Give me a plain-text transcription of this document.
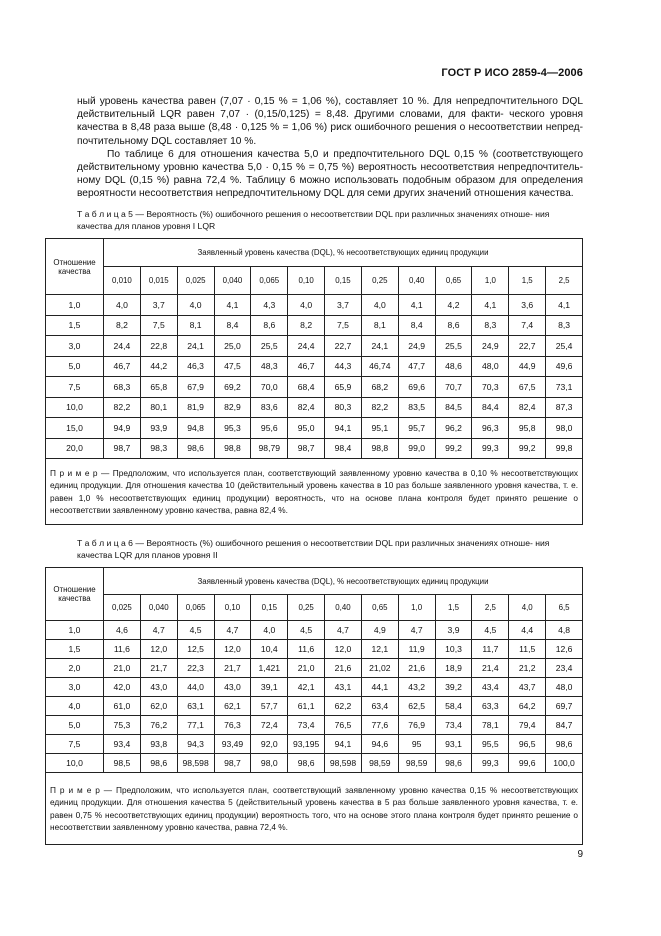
ГОСТ Р ИСО 2859-4—2006

ный уровень качества равен (7,07 · 0,15 % = 1,06 %), составляет 10 %. Для непредпочтительного DQL действительный LQR равен 7,07 · (0,15/0,125) = 8,48. Другими словами, для факти- ческого уровня качества в 8,48 раза выше (8,48 · 0,125 % = 1,06 %) риск ошибочного решения о несоответствии непред- почтительному DQL составляет 10 %.

По таблице 6 для отношения качества 5,0 и предпочтительного DQL 0,15 % (соответствующего действительному уровню качества 5,0 · 0,15 % = 0,75 %) вероятность несоответствия непредпочтитель- ному DQL (0,15 %) равна 72,4 %. Таблицу 6 можно использовать подобным образом для определения вероятности несоответствия непредпочтительному DQL для семи других значений отношения качества.

Т а б л и ц а 5 — Вероятность (%) ошибочного решения о несоответствии DQL при различных значениях отноше- ния качества для планов уровня I LQR
Отношение качества	Заявленный уровень качества (DQL), % несоответствующих единиц продукции												
	0,010	0,015	0,025	0,040	0,065	0,10	0,15	0,25	0,40	0,65	1,0	1,5	2,5
1,0	4,0	3,7	4,0	4,1	4,3	4,0	3,7	4,0	4,1	4,2	4,1	3,6	4,1
1,5	8,2	7,5	8,1	8,4	8,6	8,2	7,5	8,1	8,4	8,6	8,3	7,4	8,3
3,0	24,4	22,8	24,1	25,0	25,5	24,4	22,7	24,1	24,9	25,5	24,9	22,7	25,4
5,0	46,7	44,2	46,3	47,5	48,3	46,7	44,3	46,74	47,7	48,6	48,0	44,9	49,6
7,5	68,3	65,8	67,9	69,2	70,0	68,4	65,9	68,2	69,6	70,7	70,3	67,5	73,1
10,0	82,2	80,1	81,9	82,9	83,6	82,4	80,3	82,2	83,5	84,5	84,4	82,4	87,3
15,0	94,9	93,9	94,8	95,3	95,6	95,0	94,1	95,1	95,7	96,2	96,3	95,8	98,0
20,0	98,7	98,3	98,6	98,8	98,79	98,7	98,4	98,8	99,0	99,2	99,3	99,2	99,8
П р и м е р — Предположим, что используется план, соответствующий заявленному уровню качества в 0,10 % несоответствующих единиц продукции. Для отношения качества 10 (действительный уровень качества в 10 раз больше заявленного уровня качества, т. е. равен 1,0 % несоответствующих единиц продукции) вероятность, что на основе плана контроля будет принято решение о несоответствии заявленному уровню качества, равна 82,4 %.													
Т а б л и ц а 6 — Вероятность (%) ошибочного решения о несоответствии DQL при различных значениях отноше- ния качества LQR для планов уровня II
Отношение качества	Заявленный уровень качества (DQL), % несоответствующих единиц продукции												
	0,025	0,040	0,065	0,10	0,15	0,25	0,40	0,65	1,0	1,5	2,5	4,0	6,5
1,0	4,6	4,7	4,5	4,7	4,0	4,5	4,7	4,9	4,7	3,9	4,5	4,4	4,8
1,5	11,6	12,0	12,5	12,0	10,4	11,6	12,0	12,1	11,9	10,3	11,7	11,5	12,6
2,0	21,0	21,7	22,3	21,7	1,421	21,0	21,6	21,02	21,6	18,9	21,4	21,2	23,4
3,0	42,0	43,0	44,0	43,0	39,1	42,1	43,1	44,1	43,2	39,2	43,4	43,7	48,0
4,0	61,0	62,0	63,1	62,1	57,7	61,1	62,2	63,4	62,5	58,4	63,3	64,2	69,7
5,0	75,3	76,2	77,1	76,3	72,4	73,4	76,5	77,6	76,9	73,4	78,1	79,4	84,7
7,5	93,4	93,8	94,3	93,49	92,0	93,195	94,1	94,6	95	93,1	95,5	96,5	98,6
10,0	98,5	98,6	98,598	98,7	98,0	98,6	98,598	98,59	98,59	98,6	99,3	99,6	100,0
П р и м е р — Предположим, что используется план, соответствующий заявленному уровню качества 0,15 % несоответствующих единиц продукции. Для отношения качества 5 (действительный уровень качества в 5 раз больше заявленного уровня качества, т. е. равен 0,75 % несоответствующих единиц продукции) вероятность того, что на основе этого плана контроля будет принято решение о несоответствии заявленному уровню качества, равна 72,4 %.													
9
